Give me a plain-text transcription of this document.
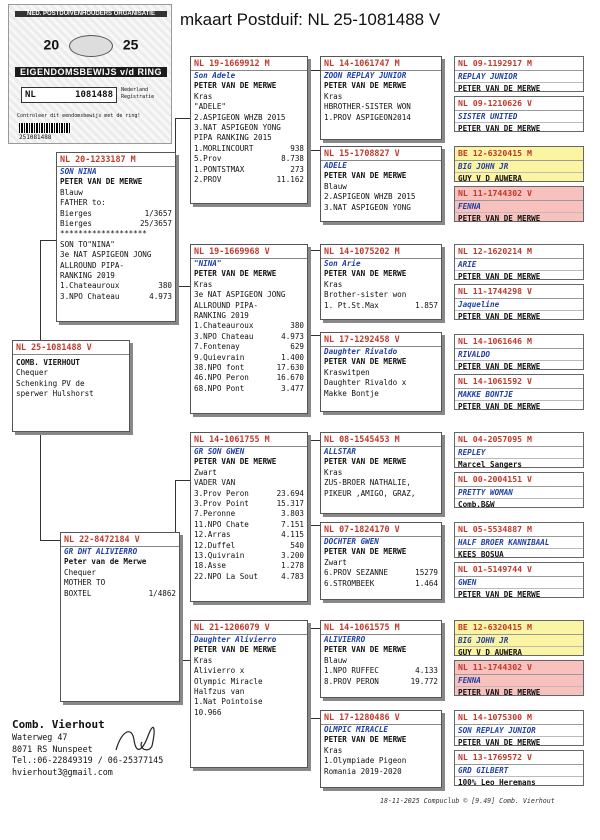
mkaart Postduif: NL 25-1081488 V
NED. POSTDUIVENHOUDERS ORGANISATIE
20	25
EIGENDOMSBEWIJS v/d RING
NL	1081488 Nederland
Registratie
Controleer dit eendomsbewijs met de ring!
251081488
NL 25-1081488 V
COMB. VIERHOUT
Chequer
Schenking PV de
sperwer Hulshorst
NL 20-1233187 M
SON NINA
PETER VAN DE MERWE
Blauw
FATHER to:
Bierges	1/3657
Bierges	25/3657
*******************
SON TO"NINA"
3e NAT ASPIGEON JONG
ALLROUND PIPA-
RANKING 2019
1.Chateauroux	380
3.NPO Chateau	4.973
NL 22-8472184 V
GR DHT ALIVIERRO
Peter van de Merwe
Chequer
MOTHER TO
BOXTEL	1/4862
NL 19-1669912 M
Son Adele
PETER VAN DE MERWE
Kras
"ADELE"
2.ASPIGEON WHZB 2015
3.NAT ASPIGEON YONG
PIPA RANKING 2015
1.MORLINCOURT	938
5.Prov	8.738
1.PONTSTMAX	273
2.PROV	11.162
NL 19-1669968 V
"NINA"
PETER VAN DE MERWE
Kras
3e NAT ASPIGEON JONG
ALLROUND PIPA-
RANKING 2019
1.Chateauroux	380
3.NPO Chateau	4.973
7.Fontenay	629
9.Quievrain	1.400
38.NPO font	17.630
46.NPO Peron	16.670
68.NPO Pont	3.477
NL 14-1061755 M
GR SON GWEN
PETER VAN DE MERWE
Zwart
VADER VAN
3.Prov Peron	23.694
3.Prov Point	15.317
7.Peronne	3.803
11.NPO Chate	7.151
12.Arras	4.115
12.Duffel	540
13.Quivrain	3.200
18.Asse	1.278
22.NPO La Sout	4.783
NL 21-1206079 V
Daughter Alivierro
PETER VAN DE MERWE
Kras
Alivierro x
Olympic Miracle
Halfzus van
1.Nat Pointoise
10.966
NL 14-1061747 M
ZOON REPLAY JUNIOR
PETER VAN DE MERWE
Kras
HBROTHER-SISTER WON
1.PROV ASPIGEON2014
NL 15-1708827 V
ADELE
PETER VAN DE MERWE
Blauw
2.ASPIGEON WHZB 2015
3.NAT ASPIGEON YONG
NL 14-1075202 M
Son Arie
PETER VAN DE MERWE
Kras
Brother-sister won
1. Pt.St.Max	1.857
NL 17-1292458 V
Daughter Rivaldo
PETER VAN DE MERWE
Kraswitpen
Daughter Rivaldo x
Makke Bontje
NL 08-1545453 M
ALLSTAR
PETER VAN DE MERWE
Kras
ZUS-BROER NATHALIE,
PIKEUR ,AMIGO, GRAZ,
NL 07-1824170 V
DOCHTER GWEN
PETER VAN DE MERWE
Zwart
6.PROV SEZANNE	15279
6.STROMBEEK	1.464
NL 14-1061575 M
ALIVIERRO
PETER VAN DE MERWE
Blauw
1.NPO RUFFEC	4.133
8.PROV PERON	19.772
NL 17-1280486 V
OLMPIC MIRACLE
PETER VAN DE MERWE
Kras
1.Olympiade Pigeon
Romania 2019-2020
NL 09-1192917 M
REPLAY JUNIOR
PETER VAN DE MERWE
NL 09-1210626 V
SISTER UNITED
PETER VAN DE MERWE
BE 12-6320415 M
BIG JOHN JR
GUY V D AUWERA
NL 11-1744302 V
FENNA
PETER VAN DE MERWE
NL 12-1620214 M
ARIE
PETER VAN DE MERWE
NL 11-1744298 V
Jaqueline
PETER VAN DE MERWE
NL 14-1061646 M
RIVALDO
PETER VAN DE MERWE
NL 14-1061592 V
MAKKE BONTJE
PETER VAN DE MERWE
NL 04-2057095 M
REPLEY
Marcel Sangers
NL 00-2004151 V
PRETTY WOMAN
Comb.B&W
NL 05-5534887 M
HALF BROER KANNIBAAL
KEES BOSUA
NL 01-5149744 V
GWEN
PETER VAN DE MERWE
BE 12-6320415 M
BIG JOHN JR
GUY V D AUWERA
NL 11-1744302 V
FENNA
PETER VAN DE MERWE
NL 14-1075300 M
SON REPLAY JUNIOR
PETER VAN DE MERWE
NL 13-1769572 V
GRD GILBERT
100% Leo Heremans
Comb. Vierhout
Waterweg 47
8071 RS Nunspeet
Tel.:06-22849319 / 06-25377145
hvierhout3@gmail.com
18-11-2025 Compuclub © [9.49] Comb. Vierhout
